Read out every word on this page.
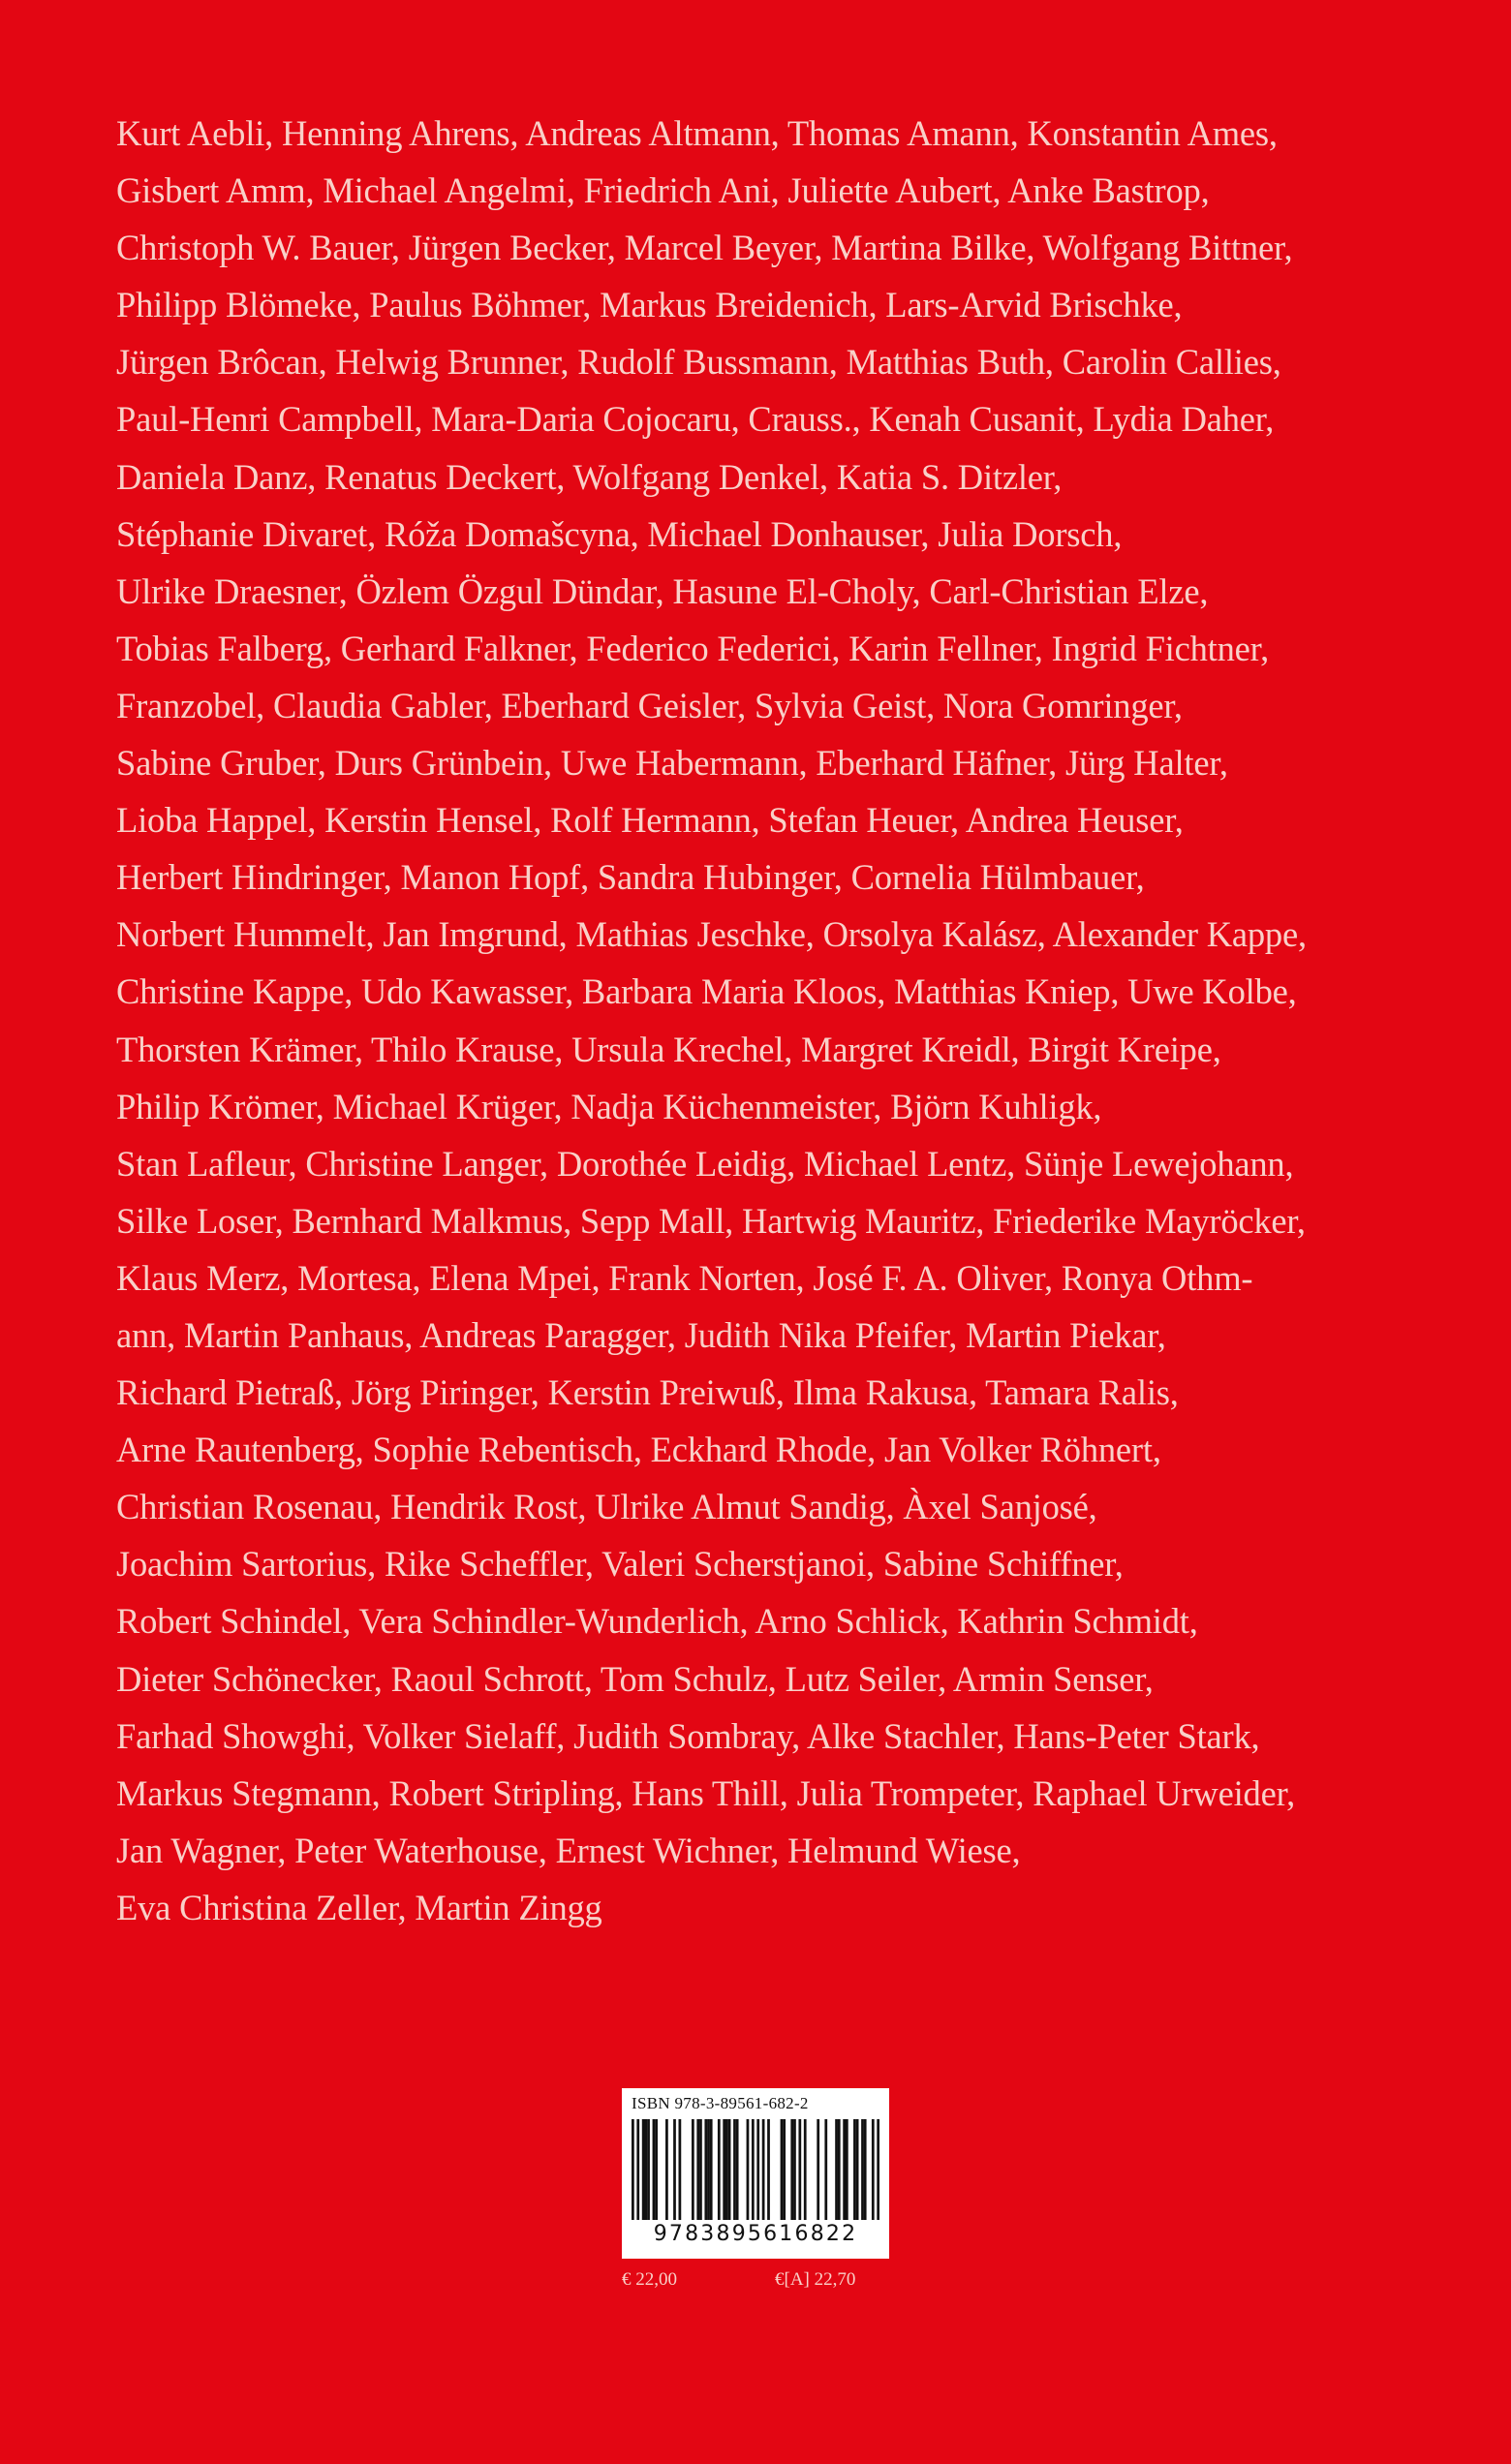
Kurt Aebli, Henning Ahrens, Andreas Altmann, Thomas Amann, Konstantin Ames,
Gisbert Amm, Michael Angelmi, Friedrich Ani, Juliette Aubert, Anke Bastrop,
Christoph W. Bauer, Jürgen Becker, Marcel Beyer, Martina Bilke, Wolfgang Bittner,
Philipp Blömeke, Paulus Böhmer, Markus Breidenich, Lars-Arvid Brischke,
Jürgen Brôcan, Helwig Brunner, Rudolf Bussmann, Matthias Buth, Carolin Callies,
Paul-Henri Campbell, Mara-Daria Cojocaru, Crauss., Kenah Cusanit, Lydia Daher,
Daniela Danz, Renatus Deckert, Wolfgang Denkel, Katia S. Ditzler,
Stéphanie Divaret, Róža Domašcyna, Michael Donhauser, Julia Dorsch,
Ulrike Draesner, Özlem Özgul Dündar, Hasune El-Choly, Carl-Christian Elze,
Tobias Falberg, Gerhard Falkner, Federico Federici, Karin Fellner, Ingrid Fichtner,
Franzobel, Claudia Gabler, Eberhard Geisler, Sylvia Geist, Nora Gomringer,
Sabine Gruber, Durs Grünbein, Uwe Habermann, Eberhard Häfner, Jürg Halter,
Lioba Happel, Kerstin Hensel, Rolf Hermann, Stefan Heuer, Andrea Heuser,
Herbert Hindringer, Manon Hopf, Sandra Hubinger, Cornelia Hülmbauer,
Norbert Hummelt, Jan Imgrund, Mathias Jeschke, Orsolya Kalász, Alexander Kappe,
Christine Kappe, Udo Kawasser, Barbara Maria Kloos, Matthias Kniep, Uwe Kolbe,
Thorsten Krämer, Thilo Krause, Ursula Krechel, Margret Kreidl, Birgit Kreipe,
Philip Krömer, Michael Krüger, Nadja Küchenmeister, Björn Kuhligk,
Stan Lafleur, Christine Langer, Dorothée Leidig, Michael Lentz, Sünje Lewejohann,
Silke Loser, Bernhard Malkmus, Sepp Mall, Hartwig Mauritz, Friederike Mayröcker,
Klaus Merz, Mortesa, Elena Mpei, Frank Norten, José F. A. Oliver, Ronya Othm-
ann, Martin Panhaus, Andreas Paragger, Judith Nika Pfeifer, Martin Piekar,
Richard Pietraß, Jörg Piringer, Kerstin Preiwuß, Ilma Rakusa, Tamara Ralis,
Arne Rautenberg, Sophie Rebentisch, Eckhard Rhode, Jan Volker Röhnert,
Christian Rosenau, Hendrik Rost, Ulrike Almut Sandig, Àxel Sanjosé,
Joachim Sartorius, Rike Scheffler, Valeri Scherstjanoi, Sabine Schiffner,
Robert Schindel, Vera Schindler-Wunderlich, Arno Schlick, Kathrin Schmidt,
Dieter Schönecker, Raoul Schrott, Tom Schulz, Lutz Seiler, Armin Senser,
Farhad Showghi, Volker Sielaff, Judith Sombray, Alke Stachler, Hans-Peter Stark,
Markus Stegmann, Robert Stripling, Hans Thill, Julia Trompeter, Raphael Urweider,
Jan Wagner, Peter Waterhouse, Ernest Wichner, Helmund Wiese,
Eva Christina Zeller, Martin Zingg
ISBN 978-3-89561-682-2
9783895616822
€ 22,00	€[A] 22,70
